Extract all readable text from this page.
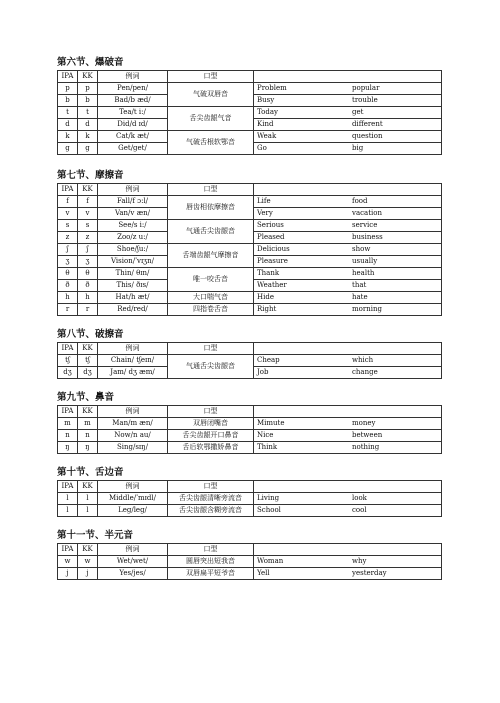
第六节、爆破音
IPA	KK	例词	口型	
p	p	Pen/pen/	气破双唇音	Problem popular
b	b	Bad/b æd/		Busy trouble
t	t	Tea/t i:/	舌尖齿龈气音	Today get
d	d	Did/d ɪd/		Kind different
k	k	Cat/k æt/	气破舌根软鄂音	Weak question
g	g	Get/get/		Go big
第七节、摩擦音
IPA	KK	例词	口型	
f	f	Fall/f ɔ:l/	唇齿相依摩擦音	Life food
v	v	Van/v æn/		Very vacation
s	s	See/s i:/	气通舌尖齿龈音	Serious service
z	z	Zoo/z u:/		Pleased business
ʃ	ʃ	Shoe/ʃu:/	舌端齿龈气摩擦音	Delicious show
ʒ	ʒ	Vision/ˈvɪʒn/		Pleasure usually
θ	θ	Thin/ θɪn/	唯一咬舌音	Thank health
ð	ð	This/ ðɪs/		Weather that
h	h	Hat/h æt/	大口喘气音	Hide hate
r	r	Red/red/	四指卷舌音	Right morning
第八节、破擦音
IPA	KK	例词	口型	
tʃ	tʃ	Chain/ tʃeɪn/	气通舌尖齿龈音	Cheap which
dʒ	dʒ	Jam/ dʒ æm/		Job change
第九节、鼻音
IPA	KK	例词	口型	
m	m	Man/m æn/	双唇闭嘴音	Mimute money
n	n	Now/n au/	舌尖齿龈开口鼻音	Nice between
ŋ	ŋ	Sing/sɪŋ/	舌后软鄂撒娇鼻音	Think nothing
第十节、舌边音
IPA	KK	例词	口型	
l	l	Middle/ˈmɪdl/	舌尖齿龈清晰旁流音	Living look
l	l	Leg/leg/	舌尖齿龈含糊旁流音	School cool
第十一节、半元音
IPA	KK	例词	口型	
w	w	Wet/wet/	圆唇突出短我音	Woman why
j	j	Yes/jes/	双唇扁平短爷音	Yell yesterday
